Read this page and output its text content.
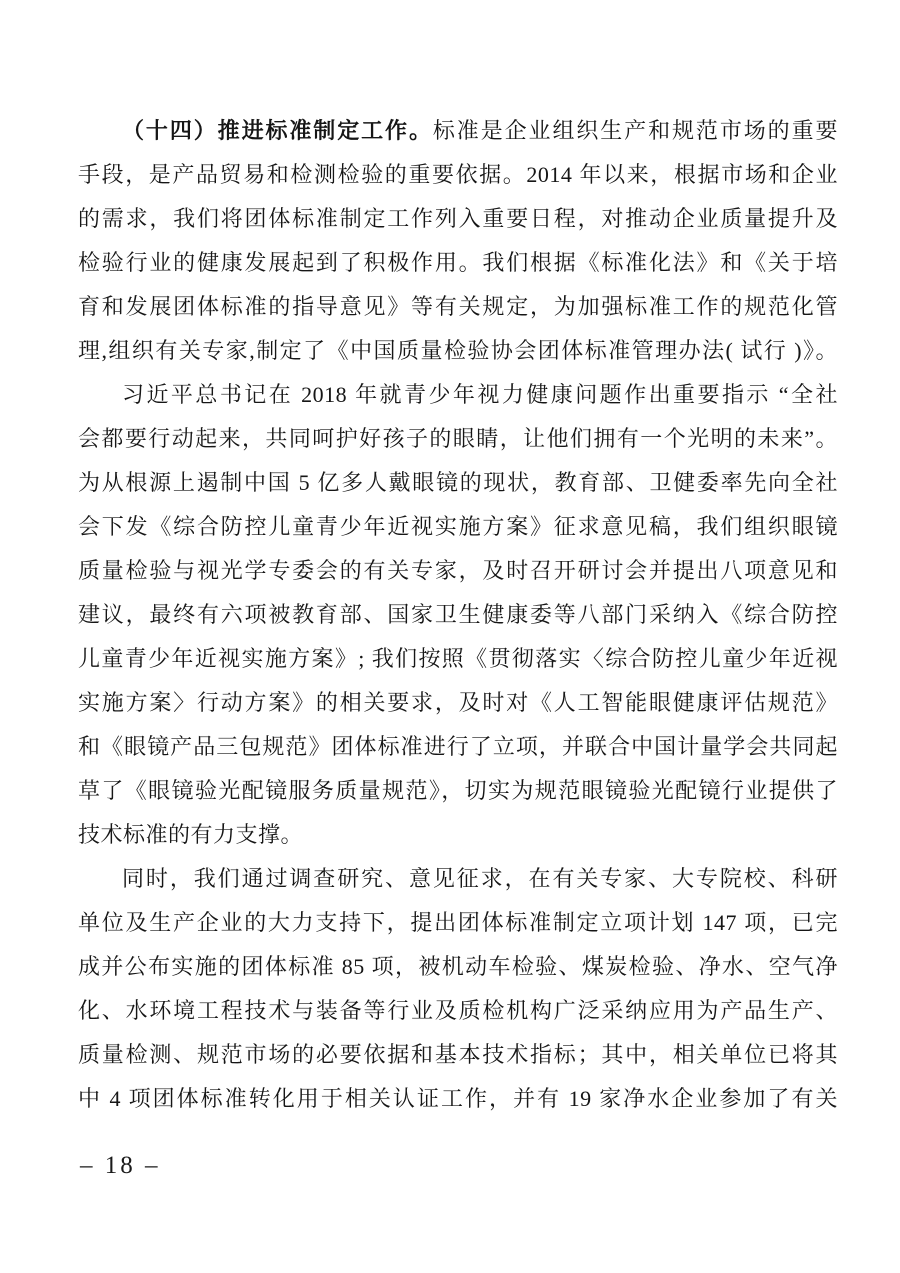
（十四）推进标准制定工作。标准是企业组织生产和规范市场的重要
手段，是产品贸易和检测检验的重要依据。2014 年以来，根据市场和企业
的需求，我们将团体标准制定工作列入重要日程，对推动企业质量提升及
检验行业的健康发展起到了积极作用。我们根据《标准化法》和《关于培
育和发展团体标准的指导意见》等有关规定，为加强标准工作的规范化管
理,组织有关专家,制定了《中国质量检验协会团体标准管理办法( 试行 )》。
习近平总书记在 2018 年就青少年视力健康问题作出重要指示 “全社
会都要行动起来，共同呵护好孩子的眼睛，让他们拥有一个光明的未来”。
为从根源上遏制中国 5 亿多人戴眼镜的现状，教育部、卫健委率先向全社
会下发《综合防控儿童青少年近视实施方案》征求意见稿，我们组织眼镜
质量检验与视光学专委会的有关专家，及时召开研讨会并提出八项意见和
建议，最终有六项被教育部、国家卫生健康委等八部门采纳入《综合防控
儿童青少年近视实施方案》; 我们按照《贯彻落实〈综合防控儿童少年近视
实施方案〉行动方案》的相关要求，及时对《人工智能眼健康评估规范》
和《眼镜产品三包规范》团体标准进行了立项，并联合中国计量学会共同起
草了《眼镜验光配镜服务质量规范》，切实为规范眼镜验光配镜行业提供了
技术标准的有力支撑。
同时，我们通过调查研究、意见征求，在有关专家、大专院校、科研
单位及生产企业的大力支持下，提出团体标准制定立项计划 147 项，已完
成并公布实施的团体标准 85 项，被机动车检验、煤炭检验、净水、空气净
化、水环境工程技术与装备等行业及质检机构广泛采纳应用为产品生产、
质量检测、规范市场的必要依据和基本技术指标；其中，相关单位已将其
中 4 项团体标准转化用于相关认证工作，并有 19 家净水企业参加了有关
– 18 –
